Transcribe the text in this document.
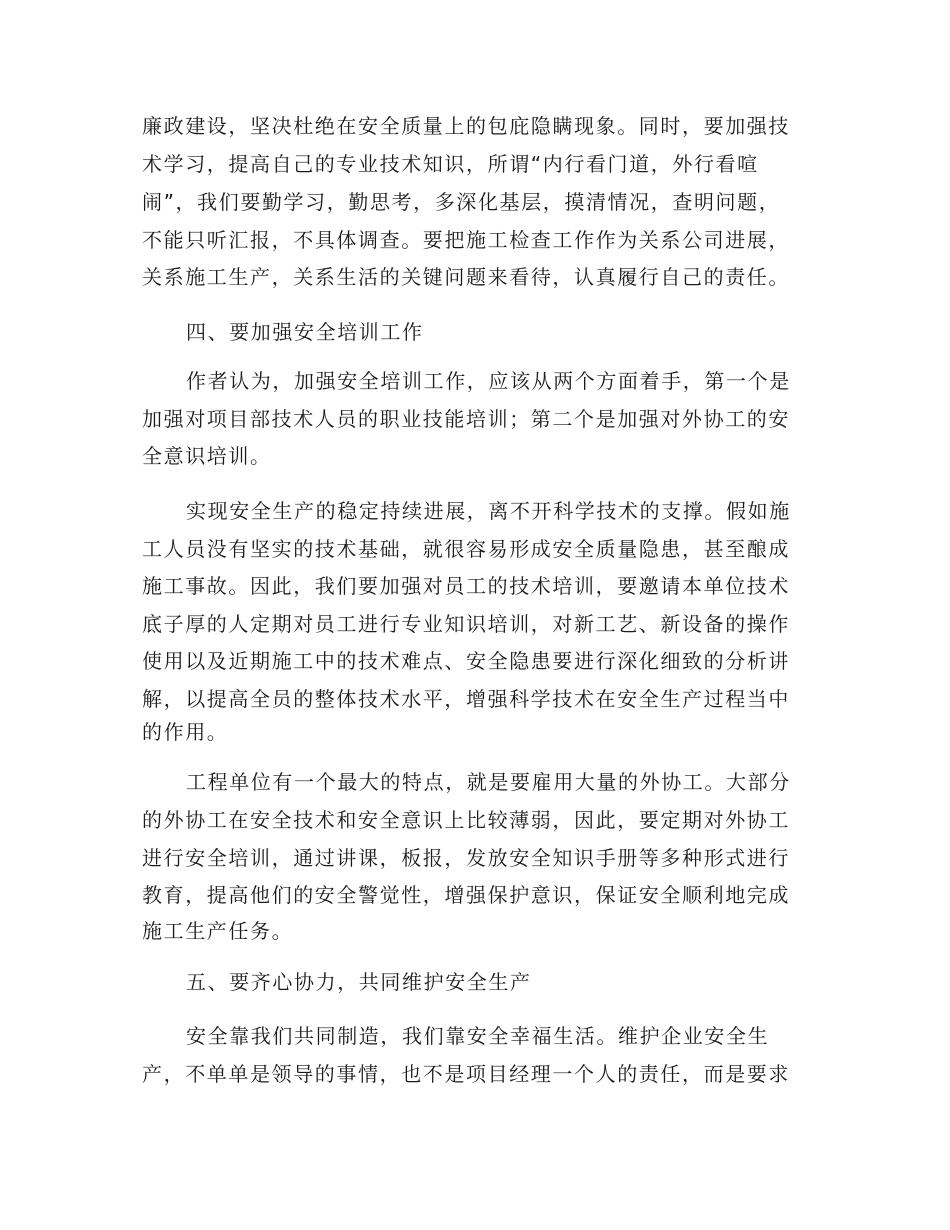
廉政建设，坚决杜绝在安全质量上的包庇隐瞒现象。同时，要加强技
术学习，提高自己的专业技术知识，所谓“内行看门道，外行看喧
闹”，我们要勤学习，勤思考，多深化基层，摸清情况，查明问题，
不能只听汇报，不具体调查。要把施工检查工作作为关系公司进展，
关系施工生产，关系生活的关键问题来看待，认真履行自己的责任。
四、要加强安全培训工作
作者认为，加强安全培训工作，应该从两个方面着手，第一个是
加强对项目部技术人员的职业技能培训；第二个是加强对外协工的安
全意识培训。
实现安全生产的稳定持续进展，离不开科学技术的支撑。假如施
工人员没有坚实的技术基础，就很容易形成安全质量隐患，甚至酿成
施工事故。因此，我们要加强对员工的技术培训，要邀请本单位技术
底子厚的人定期对员工进行专业知识培训，对新工艺、新设备的操作
使用以及近期施工中的技术难点、安全隐患要进行深化细致的分析讲
解，以提高全员的整体技术水平，增强科学技术在安全生产过程当中
的作用。
工程单位有一个最大的特点，就是要雇用大量的外协工。大部分
的外协工在安全技术和安全意识上比较薄弱，因此，要定期对外协工
进行安全培训，通过讲课，板报，发放安全知识手册等多种形式进行
教育，提高他们的安全警觉性，增强保护意识，保证安全顺利地完成
施工生产任务。
五、要齐心协力，共同维护安全生产
安全靠我们共同制造，我们靠安全幸福生活。维护企业安全生
产，不单单是领导的事情，也不是项目经理一个人的责任，而是要求
